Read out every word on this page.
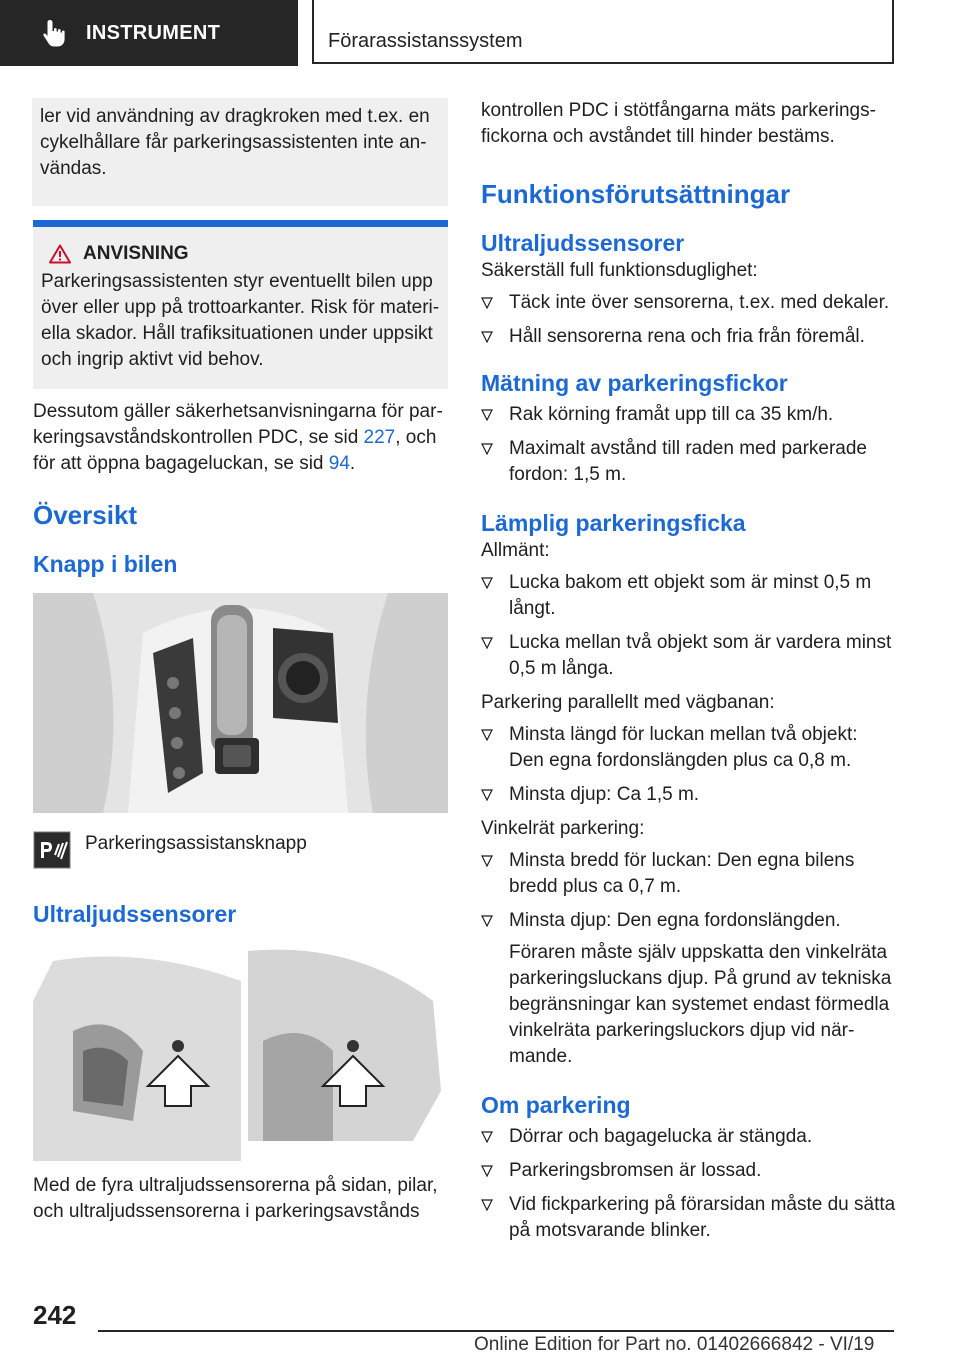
INSTRUMENT	Förarassistanssystem

ler vid användning av dragkroken med t.ex. en cykelhållare får parkeringsassistenten inte användas.

ANVISNING

Parkeringsassistenten styr eventuellt bilen upp över eller upp på trottoarkanter. Risk för materiella skador. Håll trafiksituationen under uppsikt och ingrip aktivt vid behov.

Dessutom gäller säkerhetsanvisningarna för parkeringsavståndskontrollen PDC, se sid 227, och för att öppna bagageluckan, se sid 94.

Översikt
Knapp i bilen

Parkeringsassistansknapp

Ultraljudssensorer

Med de fyra ultraljudssensorerna på sidan, pilar, och ultraljudssensorerna i parkeringsavstånds

kontrollen PDC i stötfångarna mäts parkeringsfickorna och avståndet till hinder bestäms.

Funktionsförutsättningar
Ultraljudssensorer

Säkerställ full funktionsduglighet:

Täck inte över sensorerna, t.ex. med dekaler.
Håll sensorerna rena och fria från föremål.
Mätning av parkeringsfickor
Rak körning framåt upp till ca 35 km/h.
Maximalt avstånd till raden med parkerade fordon: 1,5 m.
Lämplig parkeringsficka

Allmänt:

Lucka bakom ett objekt som är minst 0,5 m långt.
Lucka mellan två objekt som är vardera minst 0,5 m långa.

Parkering parallellt med vägbanan:

Minsta längd för luckan mellan två objekt: Den egna fordonslängden plus ca 0,8 m.
Minsta djup: Ca 1,5 m.

Vinkelrät parkering:

Minsta bredd för luckan: Den egna bilens bredd plus ca 0,7 m.
Minsta djup: Den egna fordonslängden.

Föraren måste själv uppskatta den vinkelräta parkeringsluckans djup. På grund av tekniska begränsningar kan systemet endast förmedla vinkelräta parkeringsluckors djup vid närmande.

Om parkering
Dörrar och bagagelucka är stängda.
Parkeringsbromsen är lossad.
Vid fickparkering på förarsidan måste du sätta på motsvarande blinker.
242
Online Edition for Part no. 01402666842 - VI/19
